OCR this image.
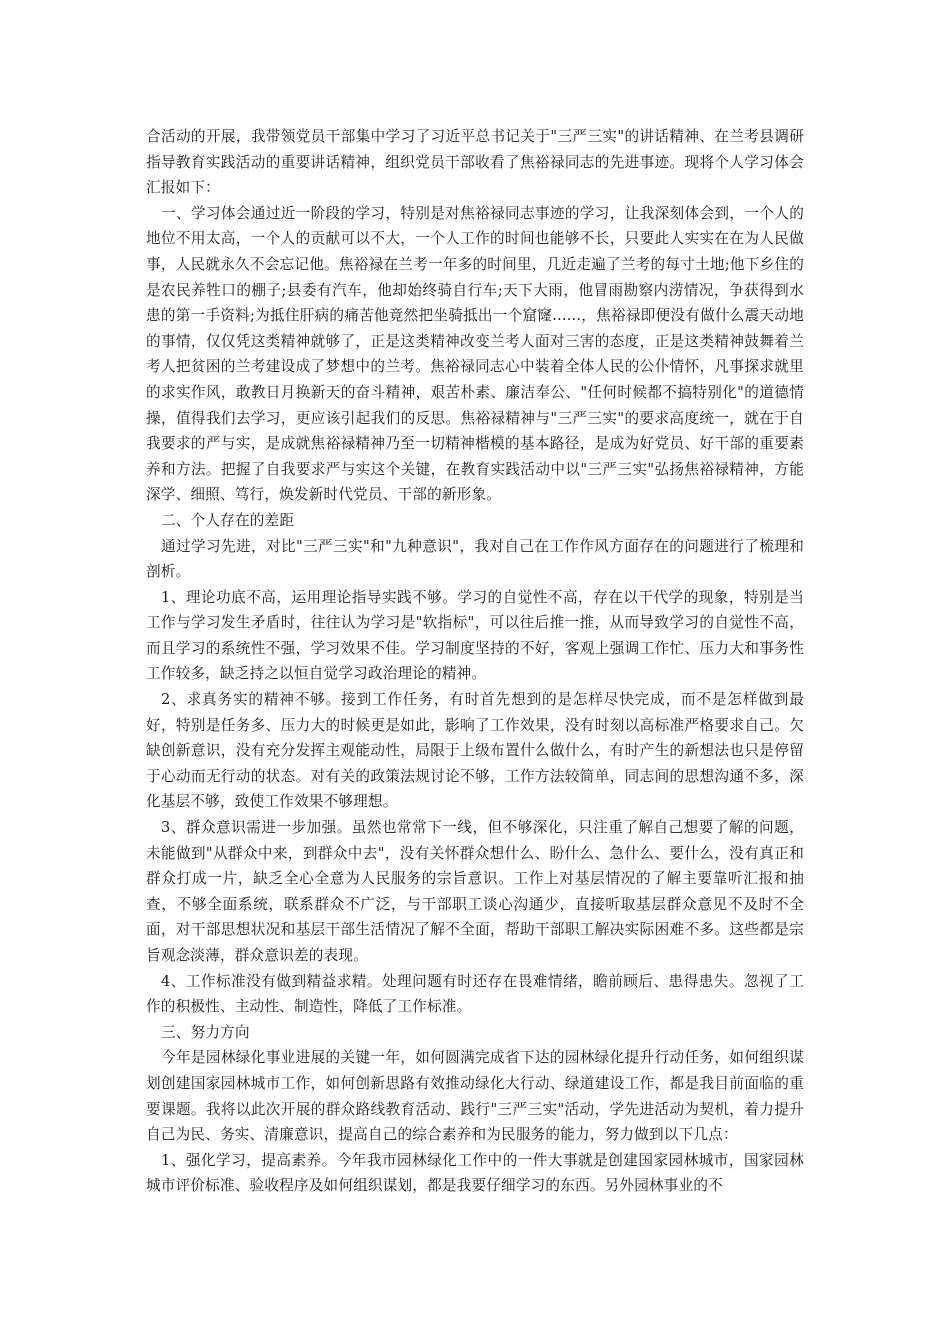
合活动的开展，我带领党员干部集中学习了习近平总书记关于"三严三实"的讲话精神、在兰考县调研指导教育实践活动的重要讲话精神，组织党员干部收看了焦裕禄同志的先进事迹。现将个人学习体会汇报如下：

一、学习体会通过近一阶段的学习，特别是对焦裕禄同志事迹的学习，让我深刻体会到，一个人的地位不用太高，一个人的贡献可以不大，一个人工作的时间也能够不长，只要此人实实在在为人民做事，人民就永久不会忘记他。焦裕禄在兰考一年多的时间里，几近走遍了兰考的每寸土地;他下乡住的是农民养牲口的棚子;县委有汽车，他却始终骑自行车;天下大雨，他冒雨勘察内涝情况，争获得到水患的第一手资料;为抵住肝病的痛苦他竟然把坐骑抵出一个窟窿......，焦裕禄即便没有做什么震天动地的事情，仅仅凭这类精神就够了，正是这类精神改变兰考人面对三害的态度，正是这类精神鼓舞着兰考人把贫困的兰考建设成了梦想中的兰考。焦裕禄同志心中装着全体人民的公仆情怀，凡事探求就里的求实作风，敢教日月换新天的奋斗精神，艰苦朴素、廉洁奉公、"任何时候都不搞特别化"的道德情操，值得我们去学习，更应该引起我们的反思。焦裕禄精神与"三严三实"的要求高度统一，就在于自我要求的严与实，是成就焦裕禄精神乃至一切精神楷模的基本路径，是成为好党员、好干部的重要素养和方法。把握了自我要求严与实这个关键，在教育实践活动中以"三严三实"弘扬焦裕禄精神，方能深学、细照、笃行，焕发新时代党员、干部的新形象。

二、个人存在的差距

通过学习先进，对比"三严三实"和"九种意识"，我对自己在工作作风方面存在的问题进行了梳理和剖析。

1、理论功底不高，运用理论指导实践不够。学习的自觉性不高，存在以干代学的现象，特别是当工作与学习发生矛盾时，往往认为学习是"软指标"，可以往后推一推，从而导致学习的自觉性不高，而且学习的系统性不强，学习效果不佳。学习制度坚持的不好，客观上强调工作忙、压力大和事务性工作较多，缺乏持之以恒自觉学习政治理论的精神。

2、求真务实的精神不够。接到工作任务，有时首先想到的是怎样尽快完成，而不是怎样做到最好，特别是任务多、压力大的时候更是如此，影响了工作效果，没有时刻以高标准严格要求自己。欠缺创新意识，没有充分发挥主观能动性，局限于上级布置什么做什么，有时产生的新想法也只是停留于心动而无行动的状态。对有关的政策法规讨论不够，工作方法较简单，同志间的思想沟通不多，深化基层不够，致使工作效果不够理想。

3、群众意识需进一步加强。虽然也常常下一线，但不够深化，只注重了解自己想要了解的问题，未能做到"从群众中来，到群众中去"，没有关怀群众想什么、盼什么、急什么、要什么，没有真正和群众打成一片，缺乏全心全意为人民服务的宗旨意识。工作上对基层情况的了解主要靠听汇报和抽查，不够全面系统，联系群众不广泛，与干部职工谈心沟通少，直接听取基层群众意见不及时不全面，对干部思想状况和基层干部生活情况了解不全面，帮助干部职工解决实际困难不多。这些都是宗旨观念淡薄，群众意识差的表现。

4、工作标准没有做到精益求精。处理问题有时还存在畏难情绪，瞻前顾后、患得患失。忽视了工作的积极性、主动性、制造性，降低了工作标准。

三、努力方向

今年是园林绿化事业进展的关键一年，如何圆满完成省下达的园林绿化提升行动任务，如何组织谋划创建国家园林城市工作，如何创新思路有效推动绿化大行动、绿道建设工作，都是我目前面临的重要课题。我将以此次开展的群众路线教育活动、践行"三严三实"活动，学先进活动为契机，着力提升自己为民、务实、清廉意识，提高自己的综合素养和为民服务的能力，努力做到以下几点：

1、强化学习，提高素养。今年我市园林绿化工作中的一件大事就是创建国家园林城市，国家园林城市评价标准、验收程序及如何组织谋划，都是我要仔细学习的东西。另外园林事业的不
